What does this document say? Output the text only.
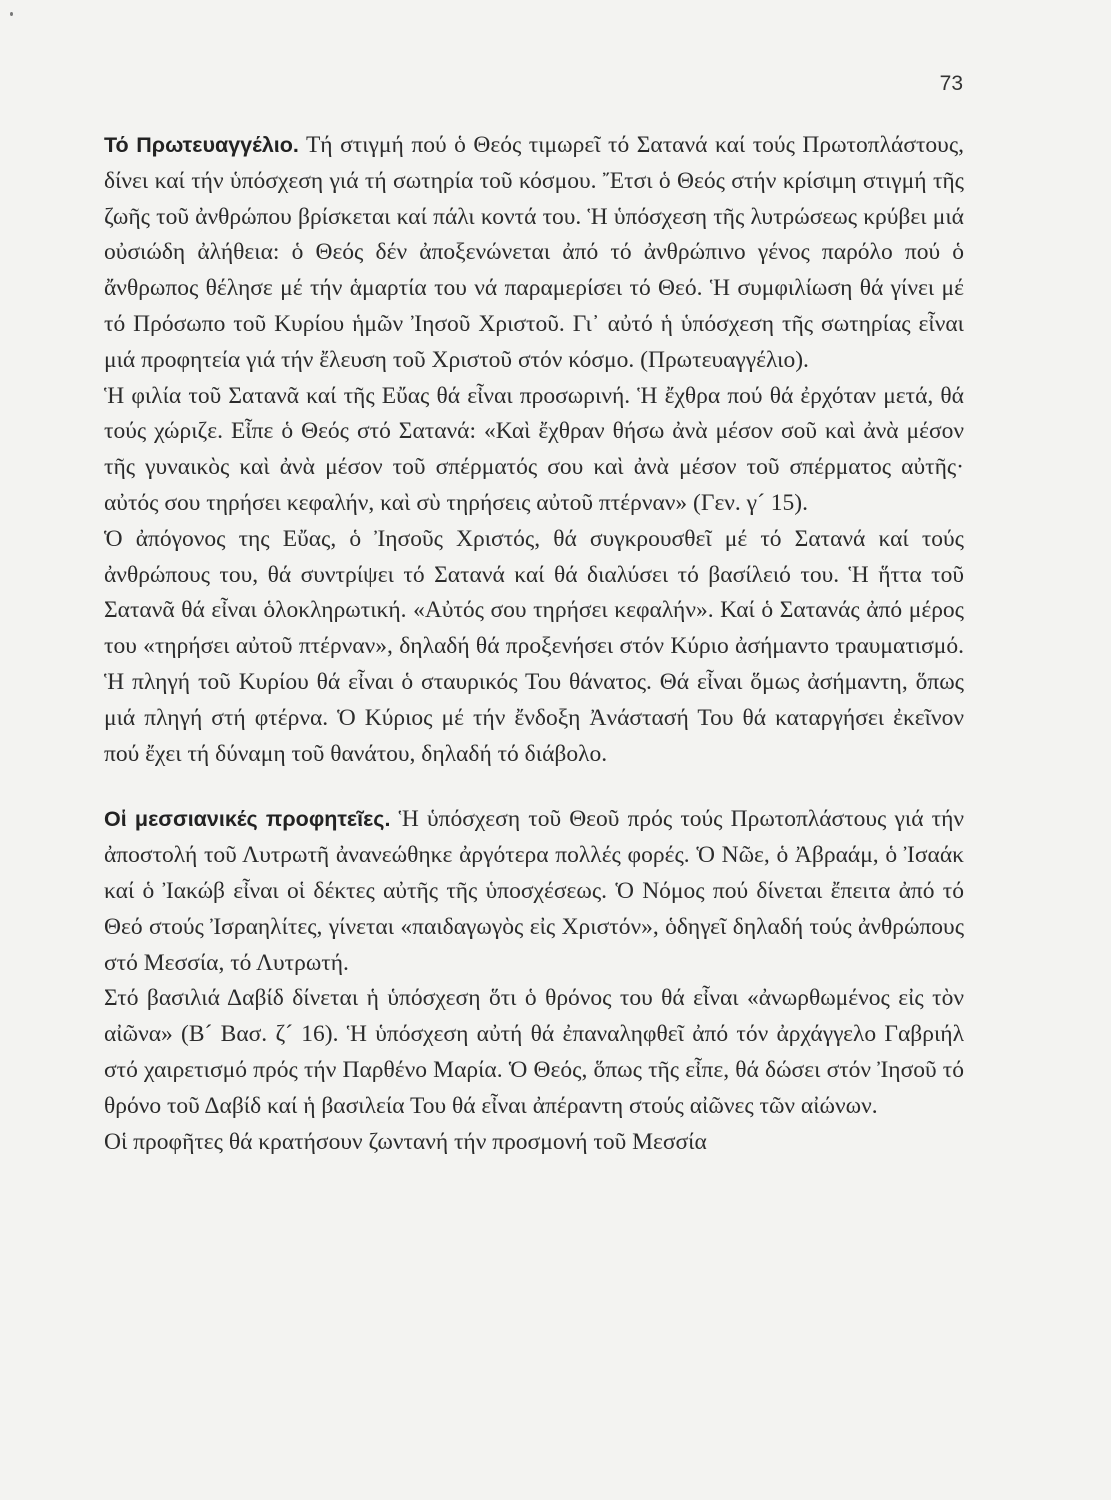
73

Τό Πρωτευαγγέλιο. Τή στιγμή πού ὁ Θεός τιμωρεῖ τό Σατανά καί τούς Πρωτοπλάστους, δίνει καί τήν ὑπόσχεση γιά τή σωτηρία τοῦ κόσμου. Ἔτσι ὁ Θεός στήν κρίσιμη στιγμή τῆς ζωῆς τοῦ ἀνθρώπου βρίσκεται καί πάλι κοντά του. Ἡ ὑπόσχεση τῆς λυτρώσεως κρύβει μιά οὐσιώδη ἀλήθεια: ὁ Θεός δέν ἀποξενώνεται ἀπό τό ἀνθρώπινο γένος παρόλο πού ὁ ἄνθρωπος θέλησε μέ τήν ἁμαρτία του νά παραμερίσει τό Θεό. Ἡ συμφιλίωση θά γίνει μέ τό Πρόσωπο τοῦ Κυρίου ἡμῶν Ἰησοῦ Χριστοῦ. Γι᾿ αὐτό ἡ ὑπόσχεση τῆς σωτηρίας εἶναι μιά προφητεία γιά τήν ἔλευση τοῦ Χριστοῦ στόν κόσμο. (Πρωτευαγγέλιο).

Ἡ φιλία τοῦ Σατανᾶ καί τῆς Εὔας θά εἶναι προσωρινή. Ἡ ἔχθρα πού θά ἐρχόταν μετά, θά τούς χώριζε. Εἶπε ὁ Θεός στό Σατανά: «Καὶ ἔχθραν θήσω ἀνὰ μέσον σοῦ καὶ ἀνὰ μέσον τῆς γυναικὸς καὶ ἀνὰ μέσον τοῦ σπέρματός σου καὶ ἀνὰ μέσον τοῦ σπέρματος αὐτῆς· αὐτός σου τηρήσει κεφαλήν, καὶ σὺ τηρήσεις αὐτοῦ πτέρναν» (Γεν. γ´ 15).

Ὁ ἀπόγονος της Εὔας, ὁ Ἰησοῦς Χριστός, θά συγκρουσθεῖ μέ τό Σατανά καί τούς ἀνθρώπους του, θά συντρίψει τό Σατανά καί θά διαλύσει τό βασίλειό του. Ἡ ἥττα τοῦ Σατανᾶ θά εἶναι ὁλοκληρωτική. «Αὐτός σου τηρήσει κεφαλήν». Καί ὁ Σατανάς ἀπό μέρος του «τηρήσει αὐτοῦ πτέρναν», δηλαδή θά προξενήσει στόν Κύριο ἀσήμαντο τραυματισμό. Ἡ πληγή τοῦ Κυρίου θά εἶναι ὁ σταυρικός Του θάνατος. Θά εἶναι ὅμως ἀσήμαντη, ὅπως μιά πληγή στή φτέρνα. Ὁ Κύριος μέ τήν ἔνδοξη Ἀνάστασή Του θά καταργήσει ἐκεῖνον πού ἔχει τή δύναμη τοῦ θανάτου, δηλαδή τό διάβολο.

Οἱ μεσσιανικές προφητεῖες. Ἡ ὑπόσχεση τοῦ Θεοῦ πρός τούς Πρωτοπλάστους γιά τήν ἀποστολή τοῦ Λυτρωτῆ ἀνανεώθηκε ἀργότερα πολλές φορές. Ὁ Νῶε, ὁ Ἀβραάμ, ὁ Ἰσαάκ καί ὁ Ἰακώβ εἶναι οἱ δέκτες αὐτῆς τῆς ὑποσχέσεως. Ὁ Νόμος πού δίνεται ἔπειτα ἀπό τό Θεό στούς Ἰσραηλίτες, γίνεται «παιδαγωγὸς εἰς Χριστόν», ὁδηγεῖ δηλαδή τούς ἀνθρώπους στό Μεσσία, τό Λυτρωτή.

Στό βασιλιά Δαβίδ δίνεται ἡ ὑπόσχεση ὅτι ὁ θρόνος του θά εἶναι «ἀνωρθωμένος εἰς τὸν αἰῶνα» (Β´ Βασ. ζ´ 16). Ἡ ὑπόσχεση αὐτή θά ἐπαναληφθεῖ ἀπό τόν ἀρχάγγελο Γαβριήλ στό χαιρετισμό πρός τήν Παρθένο Μαρία. Ὁ Θεός, ὅπως τῆς εἶπε, θά δώσει στόν Ἰησοῦ τό θρόνο τοῦ Δαβίδ καί ἡ βασιλεία Του θά εἶναι ἀπέραντη στούς αἰῶνες τῶν αἰώνων.

Οἱ προφῆτες θά κρατήσουν ζωντανή τήν προσμονή τοῦ Μεσσία
